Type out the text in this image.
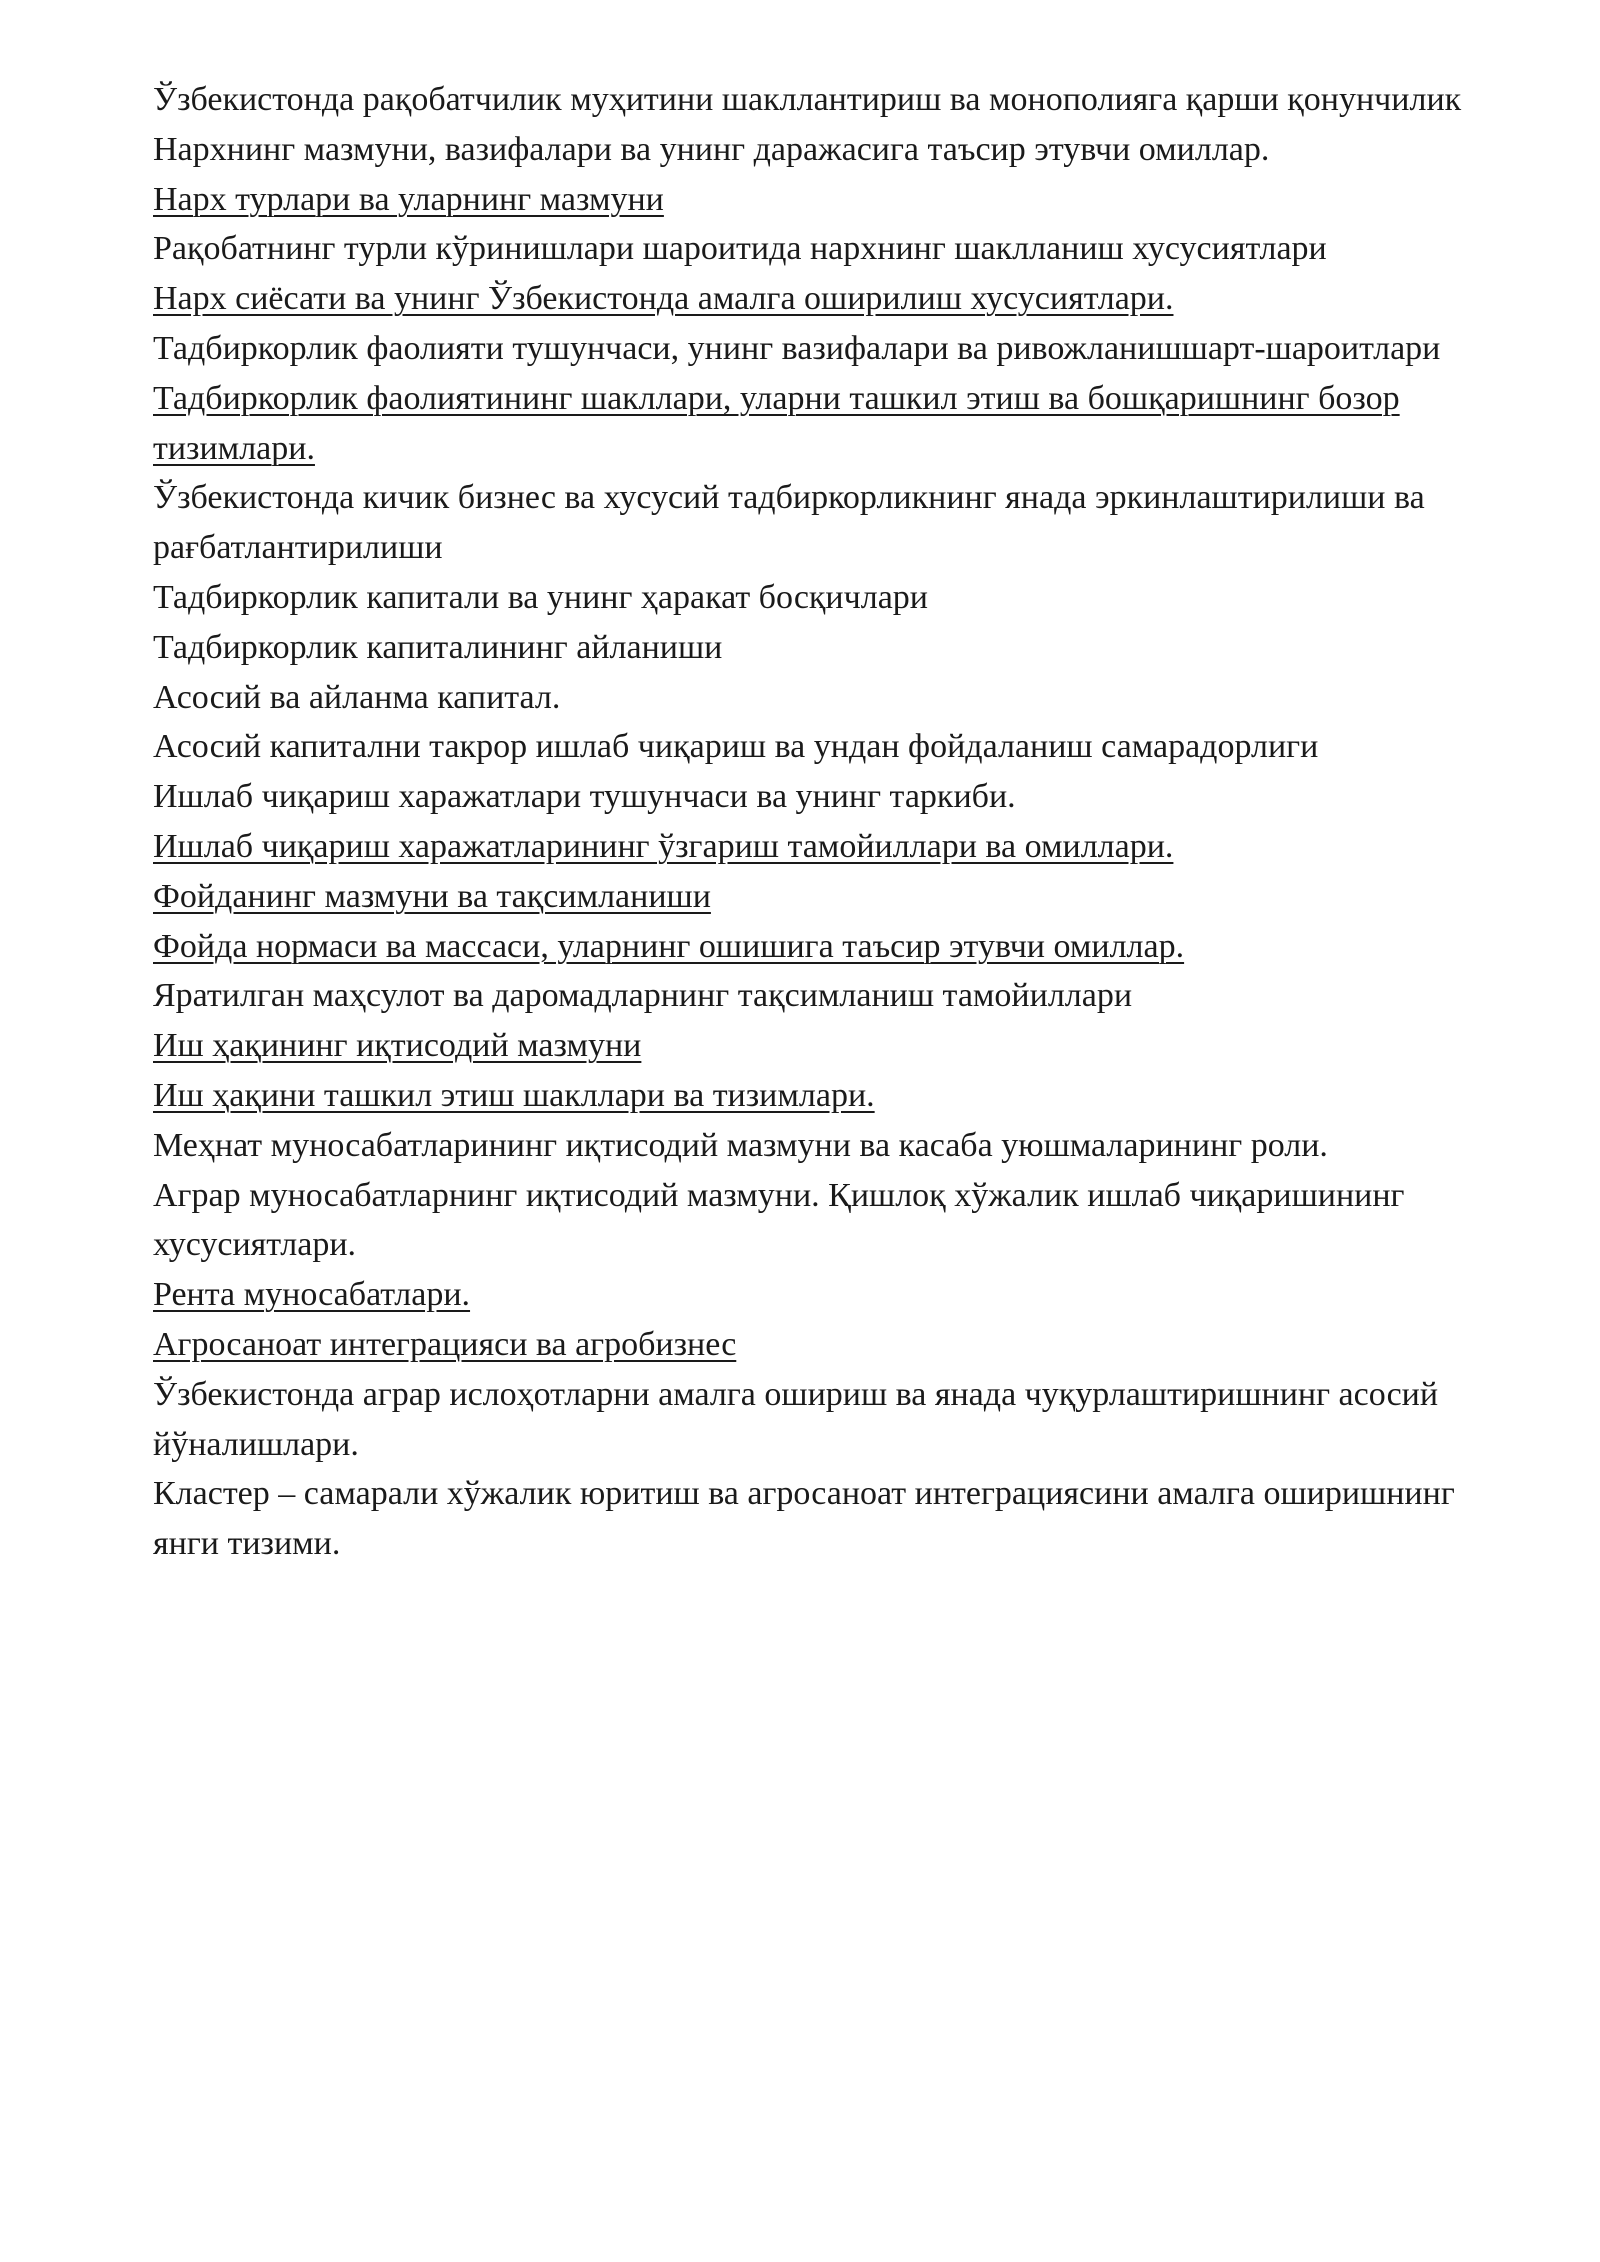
Ўзбекистонда рақобатчилик муҳитини шакллантириш ва монополияга қарши қонунчилик

Нархнинг мазмуни, вазифалари ва унинг даражасига таъсир этувчи омиллар.

Нарх турлари ва уларнинг мазмуни

Рақобатнинг турли кўринишлари шароитида нархнинг шаклланиш хусусиятлари

Нарх сиёсати ва унинг Ўзбекистонда амалга оширилиш хусусиятлари.

Тадбиркорлик фаолияти тушунчаси, унинг вазифалари ва ривожланишшарт-шароитлари

Тадбиркорлик фаолиятининг шакллари, уларни ташкил этиш ва бошқаришнинг бозор тизимлари.

Ўзбекистонда кичик бизнес ва хусусий тадбиркорликнинг янада эркинлаштирилиши ва рағбатлантирилиши

Тадбиркорлик капитали ва унинг ҳаракат босқичлари

Тадбиркорлик капиталининг айланиши

Асосий ва айланма капитал.

Асосий капитални такрор ишлаб чиқариш ва ундан фойдаланиш самарадорлиги

Ишлаб чиқариш харажатлари тушунчаси ва унинг таркиби.

Ишлаб чиқариш харажатларининг ўзгариш тамойиллари ва омиллари.

Фойданинг мазмуни ва тақсимланиши

Фойда нормаси ва массаси, уларнинг ошишига таъсир этувчи омиллар.

Яратилган маҳсулот ва даромадларнинг тақсимланиш тамойиллари

Иш ҳақининг иқтисодий мазмуни

Иш ҳақини ташкил этиш шакллари ва тизимлари.

Меҳнат муносабатларининг иқтисодий мазмуни ва касаба уюшмаларининг роли.

Аграр муносабатларнинг иқтисодий мазмуни. Қишлоқ хўжалик ишлаб чиқаришининг хусусиятлари.

Рента муносабатлари.

Агросаноат интеграцияси ва агробизнес

Ўзбекистонда аграр ислоҳотларни амалга ошириш ва янада чуқурлаштиришнинг асосий йўналишлари.

Кластер – самарали хўжалик юритиш ва агросаноат интеграциясини амалга оширишнинг янги тизими.
